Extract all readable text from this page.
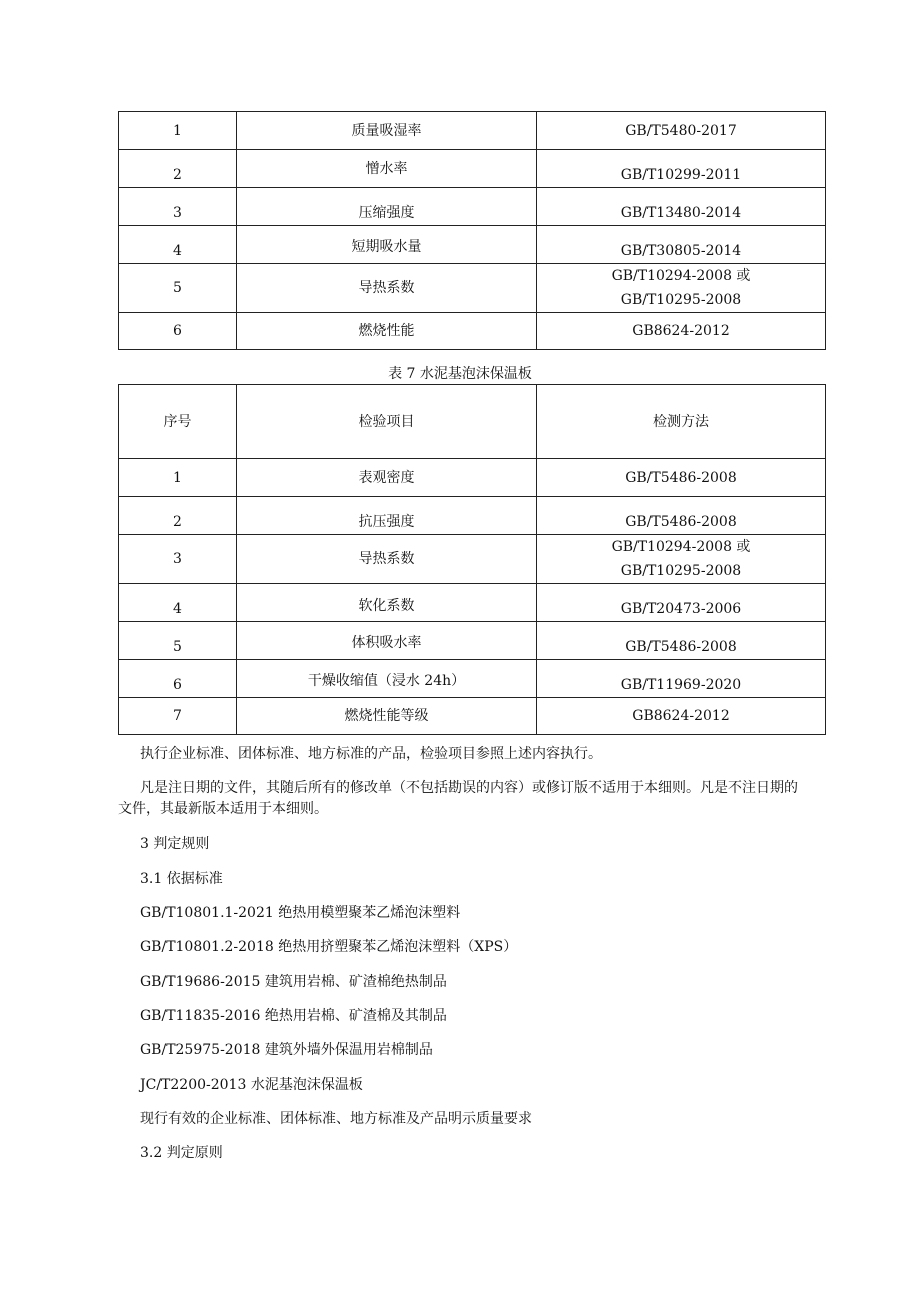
1	质量吸湿率	GB/T5480-2017
2	憎水率	GB/T10299-2011
3	压缩强度	GB/T13480-2014
4	短期吸水量	GB/T30805-2014
5	导热系数	GB/T10294-2008 或
GB/T10295-2008

6	燃烧性能	GB8624-2012
表 7 水泥基泡沫保温板
序号	检验项目	检测方法
1	表观密度	GB/T5486-2008
2	抗压强度	GB/T5486-2008
3	导热系数	GB/T10294-2008 或
GB/T10295-2008

4	软化系数	GB/T20473-2006
5	体积吸水率	GB/T5486-2008
6	干燥收缩值（浸水 24h）	GB/T11969-2020
7	燃烧性能等级	GB8624-2012
执行企业标准、团体标准、地方标准的产品，检验项目参照上述内容执行。
凡是注日期的文件，其随后所有的修改单（不包括勘误的内容）或修订版不适用于本细则。凡是不注日期的文件，其最新版本适用于本细则。
3 判定规则
3.1 依据标准
GB/T10801.1-2021 绝热用模塑聚苯乙烯泡沫塑料
GB/T10801.2-2018 绝热用挤塑聚苯乙烯泡沫塑料（XPS）
GB/T19686-2015 建筑用岩棉、矿渣棉绝热制品
GB/T11835-2016 绝热用岩棉、矿渣棉及其制品
GB/T25975-2018 建筑外墙外保温用岩棉制品
JC/T2200-2013 水泥基泡沫保温板
现行有效的企业标准、团体标准、地方标准及产品明示质量要求
3.2 判定原则
